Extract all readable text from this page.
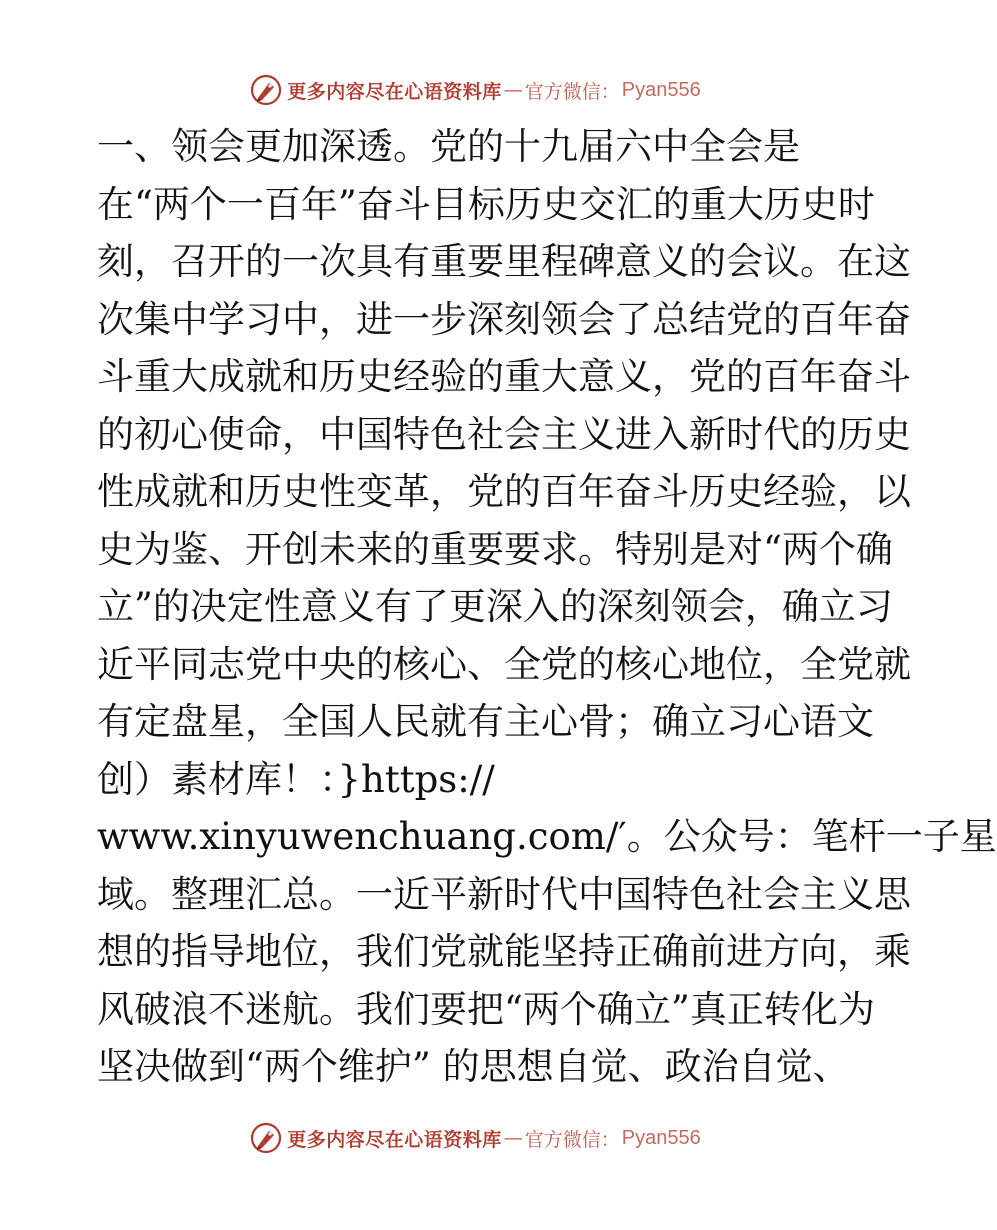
更多内容尽在心语资料库 — 官方微信： Pyan556
一、领会更加深透。党的十九届六中全会是
在“两个一百年”奋斗目标历史交汇的重大历史时
刻，召开的一次具有重要里程碑意义的会议。在这
次集中学习中，进一步深刻领会了总结党的百年奋
斗重大成就和历史经验的重大意义，党的百年奋斗
的初心使命，中国特色社会主义进入新时代的历史
性成就和历史性变革，党的百年奋斗历史经验，以
史为鉴、开创未来的重要要求。特别是对“两个确
立”的决定性意义有了更深入的深刻领会，确立习
近平同志党中央的核心、全党的核心地位，全党就
有定盘星，全国人民就有主心骨；确立习心语文
创）素材库！：}https://
www.xinyuwenchuang.com/′。公众号：笔杆一子星
域。整理汇总。一近平新时代中国特色社会主义思
想的指导地位，我们党就能坚持正确前进方向，乘
风破浪不迷航。我们要把“两个确立”真正转化为
坚决做到“两个维护” 的思想自觉、政治自觉、
更多内容尽在心语资料库 — 官方微信： Pyan556
